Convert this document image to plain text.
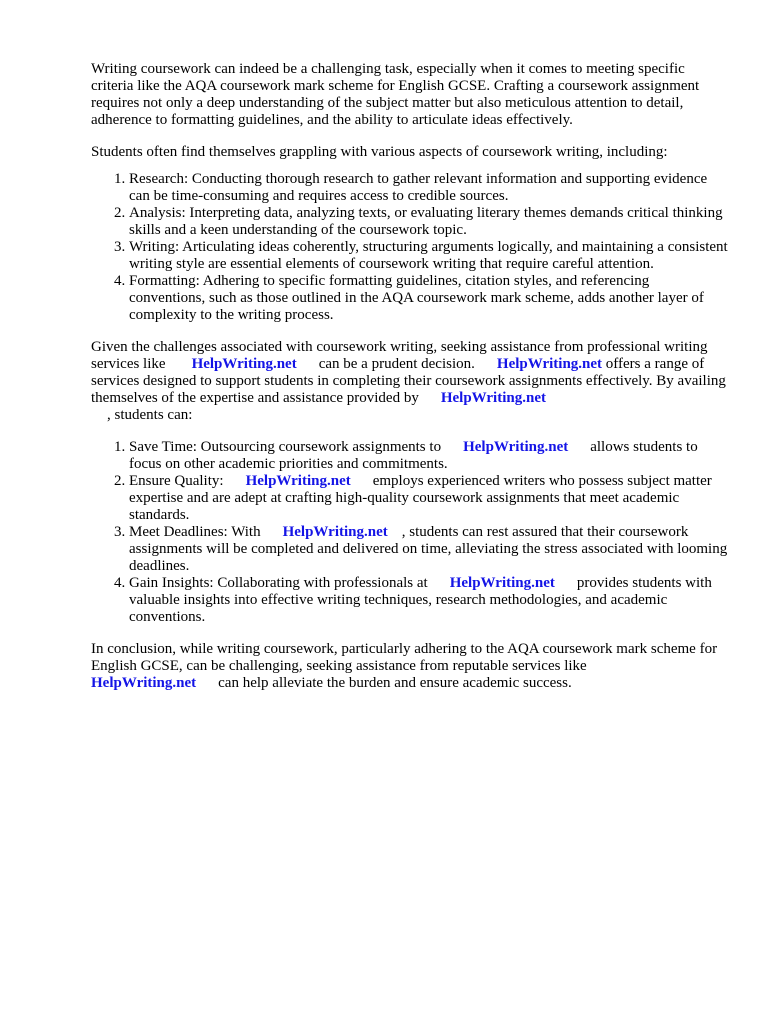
Writing coursework can indeed be a challenging task, especially when it comes to meeting specific criteria like the AQA coursework mark scheme for English GCSE. Crafting a coursework assignment requires not only a deep understanding of the subject matter but also meticulous attention to detail, adherence to formatting guidelines, and the ability to articulate ideas effectively.

Students often find themselves grappling with various aspects of coursework writing, including:

1. Research: Conducting thorough research to gather relevant information and supporting evidence can be time-consuming and requires access to credible sources.
2. Analysis: Interpreting data, analyzing texts, or evaluating literary themes demands critical thinking skills and a keen understanding of the coursework topic.
3. Writing: Articulating ideas coherently, structuring arguments logically, and maintaining a consistent writing style are essential elements of coursework writing that require careful attention.
4. Formatting: Adhering to specific formatting guidelines, citation styles, and referencing conventions, such as those outlined in the AQA coursework mark scheme, adds another layer of complexity to the writing process.

Given the challenges associated with coursework writing, seeking assistance from professional writing services like HelpWriting.net can be a prudent decision. HelpWriting.net offers a range of services designed to support students in completing their coursework assignments effectively. By availing themselves of the expertise and assistance provided by HelpWriting.net
, students can:

1. Save Time: Outsourcing coursework assignments to HelpWriting.net allows students to focus on other academic priorities and commitments.
2. Ensure Quality: HelpWriting.net employs experienced writers who possess subject matter expertise and are adept at crafting high-quality coursework assignments that meet academic standards.
3. Meet Deadlines: With HelpWriting.net , students can rest assured that their coursework assignments will be completed and delivered on time, alleviating the stress associated with looming deadlines.
4. Gain Insights: Collaborating with professionals at HelpWriting.net provides students with valuable insights into effective writing techniques, research methodologies, and academic conventions.

In conclusion, while writing coursework, particularly adhering to the AQA coursework mark scheme for English GCSE, can be challenging, seeking assistance from reputable services like
HelpWriting.net can help alleviate the burden and ensure academic success.
